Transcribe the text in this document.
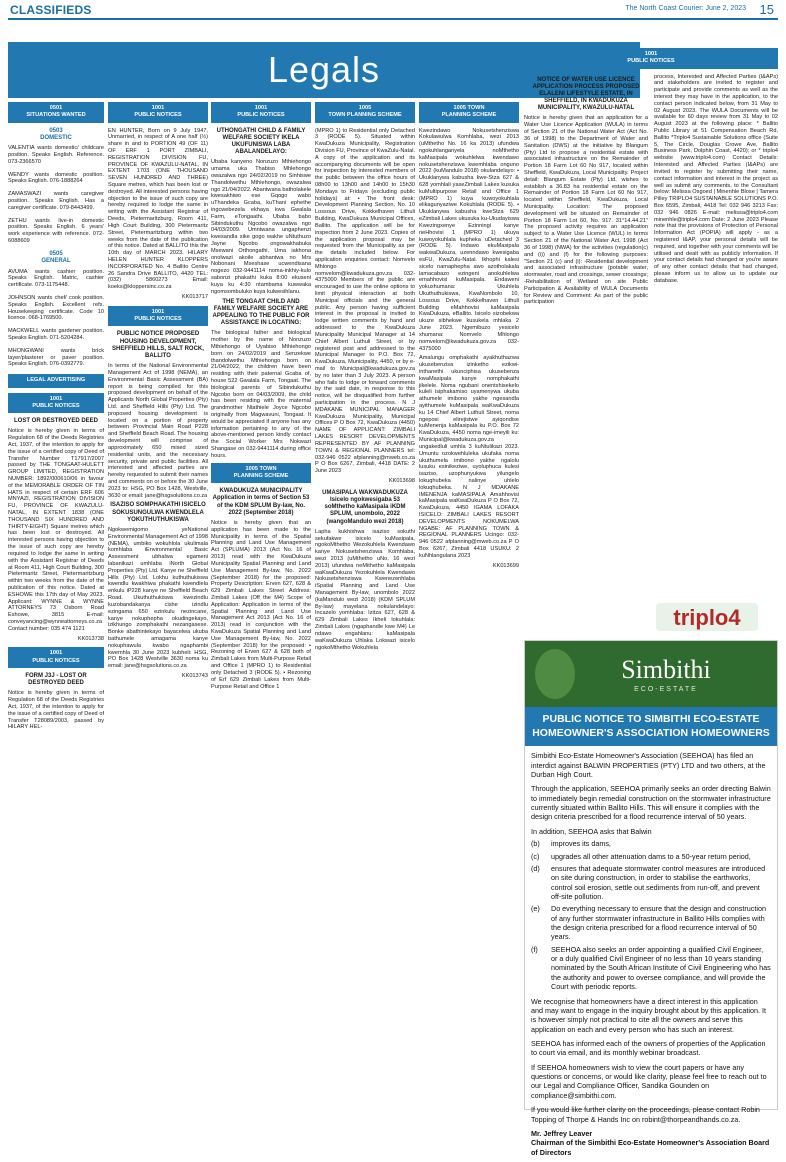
CLASSIFIEDS	The North Coast Courier: June 2, 2023 15
Legals
0501
SITUATIONS WANTED
0503
DOMESTIC
VALENTIA wants domestic/ childcare position. Speaks English. Reference. 073-2366570
WENDY wants domestic position. Speaks English. 076-1888264
ZAMASWAZI wants caregiver position. Speaks English. Has a caregiver certificate. 079-8443499.
ZETHU wants live-in domestic position. Speaks English. 6 years' work experience with reference. 072-6088609
0505
GENERAL
AVUMA wants cashier position. Speaks English. Matric, cashier certificate. 073-1175448.
JOHNSON wants chef/ cook position. Speaks English. Excellent refs. Housekeeping certificate. Code 10 licence. 068-1769500.
MACKWELL wants gardener position. Speaks English. 071-5204284.
MHONGWANI wants brick layer/plasterer or paver position. Speaks English. 076-0392779.
LEGAL ADVERTISING
1001
PUBLIC NOTICES
LOST OR DESTROYED DEED
Notice is hereby given in terms of Regulation 68 of the Deeds Registries Act, 1937, of the intention to apply for the issue of a certified copy of Deed of Transfer Number T17917/2007 passed by THE TONGAAT-HULETT GROUP LIMITED, REGISTRATION NUMBER: 1892/000610/06 in favour of the MEMORABLE ORDER OF TIN HATS in respect of certain ERF 606 MNYAZI, REGISTRATION DIVISION FU, PROVINCE OF KWAZULU-NATAL, IN EXTENT 1838 (ONE THOUSAND SIX HUNDRED AND THIRTY-EIGHT) Square metres which has been lost or destroyed. All interested persons having objection to the issue of such copy are hereby required to lodge the same in writing with the Assistant Registrar of Deeds at Room 411, High Court Building, 300 Pietermaritz Street, Pietermaritzburg within two weeks from the date of the publication of this notice. Dated at ESHOWE this 17th day of May 2023. Applicant: WYNNE & WYNNE ATTORNEYS 73 Osborn Road Eshowe, 3815 E-mail: conveyancing@wynneattorneys.co.za Contact number: 035 474 1121
KK013738
1001
PUBLIC NOTICES
FORM J3J - LOST OR DESTROYED DEED
Notice is hereby given in terms of Regulation 68 of the Deeds Registries Act, 1937, of the intention to apply for the issue of a certified copy of Deed of Transfer T28089/2003, passed by HILARY HEL-
1001
PUBLIC NOTICES
EN HUNTER, Born on 9 July 1947, Unmarried, in respect of A one half (½) share in and to PORTION 49 (OF 11) OF ERF 1 PORT ZIMBALI, REGISTRATION DIVISION FU, PROVINCE OF KWAZULU-NATAL, IN EXTENT 1703 (ONE THOUSAND SEVEN HUNDRED AND THREE) Square metres, which has been lost or destroyed. All interested persons having objection to the issue of such copy are hereby required to lodge the same in writing with the Assistant Registrar of Deeds, Pietermaritzburg, Room 411, High Court Building, 300 Pietermaritz Street, Pietermaritzburg within two weeks from the date of the publication of this notice. Dated at BALLITO this the 10th day of MARCH 2023. HILARY HELEN HUNTER KLOPPERS INCORPORATED No. 4 Ballito Centre 26 Sandra Drive BALLITO, 4420 TEL: (032) 5860273 Email: koeks@kloppersinc.co.za
KK013717
1001
PUBLIC NOTICES
PUBLIC NOTICE PROPOSED HOUSING DEVELOPMENT, SHEFFIELD HILLS, SALT ROCK, BALLITO
In terms of the National Environmental Management Act of 1998 (NEMA), an Environmental Basic Assessment (BA) report is being compiled for this proposed development on behalf of the Applicants North Global Properties (Pty) Ltd. and Sheffield Hills (Pty) Ltd. The proposed housing development is located on a portion of property between Provincial Main Road P228 and Sheffield Beach Road. The housing development will comprise of approximately 650 mixed sized residential units, and the necessary security, private and public facilities. All interested and affected parties are hereby requested to submit their names and comments on or before the 30 June 2023 to: HSG, PO Box 1428, Westville, 3630 or email: jane@hsgsolutions.co.za
ISAZISO SOMPHAKATHI ISICELO SOKUSUNGULWA KWENDLELA YOKUTHUTHUKISWA
Ngokwemigomo yeNational Environmental Management Act of 1998 (NEMA), umbiko wokuhlola ukulimala komhlaba iEnvironmental Basic Assessment ubhalwa egameni labanikazi umhlaba iNorth Global Properties (Pty) Ltd. Kanye ne Sheffield Hills (Pty) Ltd. Lokhu kuthuthukiswa kwendlu kwakhiwa phakathi kwendlela enkulu iP228 kanye ne Sheffield Beach Road. Ukuthuthukiswa kwezindlu kuzobandakanya cishe izindlu ezingama 650 ezinkulu nezincane, kanye nokuphepha okudingekayo, izikhungo zomphakathi nezangasese. Bonke abathintekayo bayacelwa ukuba bathumele amagama kanye nokuphawula kwabo ngaphambi kwemhla 30 June 2023 kubheli: HSG, PO Box 1428 Westville 3630 noma ku email: jane@hsgsolutions.co.za
KK013743
1001
PUBLIC NOTICES
UTHONGATHI CHILD & FAMILY WELFARE SOCIETY IKELA UKUFUNISWA LABA ABALANDELAYO:
Ubaba kanyeno Nonzuzo Mthiehongo umama uka Thabiso Mhlehongo owazalwa ngo 24/02/2019 no Sinhiswe Thandolwethu Mthiehongo, owazalwa ngo 21/04/2022. Abantwana batholakele kwesakhiwo ese Gqogo wabo uThandeka Gcaba, kuThani ephethe ingcwebezela ekhaya kwa Gwalala Farm, eTongaathi. Ubaba babo Sibindukuthu Ngcobo owazalwa ngo 04/03/2009. Umntwana ungaphenzi kwesandla sike gogo wakhe uNtuthuzo Jayne Ngcobo ongowakhabuka Msewani Orthongathi. Uma iakhona onolwazi akoile abhantwa no Mrs Nobonani Mseshase ucwendisana nogezo 032-9441114 noma-inkhiy-kulo sabonzi phakathi kuka 8:00 ekuseni kuya ku 4:30 ntambama kuwwaka ngomsombuluko kuya kulwesihlanu.
THE TONGAAT CHILD AND FAMILY WELFARE SOCIETY ARE APPEALING TO THE PUBLIC FOR ASSISTANCE IN LOCATING:
The biological father and biological mother by the name of Nonzuzo Mthiehongo of Uyabiso Mthiehongo born on 24/02/2019 and Senzekwe thandolwethu Mthiehongo born on 21/04/2022, the children have been residing with their paternal Gcaba of, house 522 Gwalala Farm, Tongaat. The biological parents of Sibindukuthu Ngcobo born on 04/03/2009, the child has been residing with the maternal grandmother Ntathiele Joyce Ngcobo originally from Magwavuni, Tongaat. It would be appreciated if anyone has any information pertaining to any of the above-mentioned person kindly contact the Social Worker Mrs Nokwazi Shangase on 032-9441114 during office hours.
1005 TOWN
PLANNING SCHEME
KWADUKUZA MUNICIPALITY Application in terms of Section 53 of the KDM SPLUM By-law, No. 2022 (September 2018)
Notice is hereby given that an application has been made to the Municipality in terms of the Spatial Planning and Land Use Management Act (SPLUMA) 2013 (Act No. 16 of 2013) read with the KwaDukuza Municipality Spatial Planning and Land Use Management By-law, No. 2022 (September 2018) for the proposed: Property Description: Erven 627, 628 & 629 Zimbali Lakes Street Address: Zimbali Lakes (Off the M4) Scope of Application: Application in terms of the Spatial Planning and Land Use Management Act 2013 (Act No. 16 of 2013) read in conjunction with the KwaDukuza Spatial Planning and Land Use Management By-law, No. 2022 (September 2018) for the proposed: • Rezoning of Erven 627 & 628 both of Zimbali Lakes from Multi-Purpose Retail and Office 1 (MPRO 1) to Residential only Detached 3 (RODE 5). • Rezoning of Erf 629 Zimbali Lakes from Multi-Purpose Retail and Office 1
1005
TOWN PLANNING SCHEME
(MPRO 1) to Residential only Detached 3 (RODE 5). Situated within KwaDukuza Municipality, Registration Division FU, Province of KwaZulu-Natal. A copy of the application and its accompanying documents will be open for inspection by interested members of the public between the office hours of 08h00 to 13h00 and 14h00 to 15h30 Mondays to Fridays (excluding public holidays) at: • The front desk: Development Planning Section, No. 10 Lossous Drive, Kokkelhaven Lithuli Building, KwaDukuza Municipal Offices, Ballito. The application will be for inspection from 2 June 2023. Copies of the application proposal may be requested from the Municipality as per the details included below. For application enquiries contact: Nomvelo Mhlongo nomvelom@kwadukuza.gov.za 032-4375000 Members of the public are encouraged to use the online options to limit physical interaction at both Municipal officials and the general public. Any person having sufficient interest in the proposal is invited to lodge written comments by hand and addressed to the KwaDukuza Municipality Municipal Manager at 14 Chief Albert Luthuli Street, or by registered post and addressed to the Municipal Manager to P.O. Box 72, KwaDukuza, Municipality, 4450, or by e-mail to Municipal@kwadukuza.gov.za by no later than 3 July 2023. A person who fails to lodge or forward comments by the said date, in response to this notice, will be disqualified from further participation in the process. N J MDAKANE MUNICIPAL MANAGER KwaDukuza Municipality, Municipal Offices P O Box 72, KwaDukuza (4450) NAME OF APPLICANT: ZIMBALI LAKES RESORT DEVELOPMENTS REPRESENTED BY AF PLANNING TOWN & REGIONAL PLANNERS tel: 032-946 0522 afplanning@mweb.co.za P O Box 6267, Zimbali, 4418 DATE: 2 June 2023
KK013698
UMASIPALA WAKWADUKUZA Isicelo ngokwesigaba 53 soMthetho kaMasipala iKDM SPLUM, unombolo, 2022 (wangoMandulo wezi 2018)
Lapha kukhishwa isaziso sokuthi sekufakwe isicelo kuMasipala, ngokoMthetho Wezokuhlela Kwendawo kanye Nokusetshenziswa Komhlaba, wezi 2013 (uMthetho uNo. 16 wezi 2013) ufundwa neMithetho kaMasipala waKwaDukuza Yezokuhlela Kwendawo Nokusetshenziswa Kwenezenhlaba iSpatial Planning and Land Use Management By-law, unombolo 2022 (kaMandulo wezi 2018) (KDM SPLUM By-law) mayelana nokulandelayo: Incazelo yomhlaba: Izitza 627, 628 & 629 Zimbali Lakes Ikheli lokuhlala: Zimbali Lakes (ngaphandle kwe M4) Le ndawo engahlanu: kaMasipala waKwaDukuza Uhlaka Lokwazi isicelo ngokoMthetho Wokuhlela
1005 TOWN
PLANNING SCHEME
Kwezindawo Nokusetshenziswa Kokulawulwa Komhlaba, wezi 2013 (uMthetho No. 16 ka 2013) ufundwa ngokuhlanganyela noMthetho kaMasipala wokuhlelwa kwendawo nokusetshenziswa kwemhlaba onguno 2022 (kuMandulo 2018) okulandelayo: • Ukuklanywa kabusha kwe-Stza 627 & 628 yomhlali yaseZimbali Lakes kusuka kuMultipurpose Retail and Office 1 (MPRO 1) kuya kuwoyokuhlala elikagunyaziwe Kokuhlala (RODE 5). • Ukuklanywa kabusha kweStza 629 eZimbali Lakes ukusuka ku-Ukudayiswa Kwezingxenye Ezinningi kanye neHhovisi 1 (MPRO 1) ukuya kuwoyokuhlala kupheka uDetached 3 (RODE 5). Indawo ekuMasipala wakwaDukuza, uzenndawo kwesigaba esFU, KwaZulu-Natal. Ikhophi kalesi sicelo namaphepha awo azotholakala lamacabazo ezingeni anokuhlelwa emahhovisi kuMasipala. Endaweni yokuxhumana: Ukuhlela Ukuthuthukiswa, KwaNombolo 10, Lossous Drive, Kokkelhaven Lithuli Building eMahhovisi kaMasipala KwaDukuza, eBallito. Isicelo sizobekwa ukuze sibhekwe kusukela mhlaka 2 June 2023. Ngemibuzo yesicelo xhumana: Nomvelo Mhlongo nomvelom@kwadukuza.gov.za 032-4375000
Amalungu omphakathi ayakhuthazwa ukusebenzisa izinketho ezikwi-inthanethi ukunciphisa ukusebenza kwaMasipala kanye nomphakathi jikelele. Noma ngubani onentshisekelo kuleli isiphakamiso uyamenywa ukuba athumele imibono yakhe ngesandla ayithumele kuMasipala waKwaDukuza ku 14 Chief Albert Luthuli Street, noma ngeposi elirejistwe ayiqondise kuMenenja kaMasipala ku P.O. Box 72 KwaDukuza, 4450 noma nge-imeyili ku: Municipal@kwadukuza.gov.za ungakedluli umhla 3 kuNtulikazi 2023. Umuntu ozokwehluleka ukufaka noma ukuthumela imibono yakhe ngalolu lusuku esinikeziwe, uyoluphuca kulesi isaziso, uzophunyukwa yilungelo lokuqhubeka nalinye uhlelo lokuqhubeka. N J MDAKANE IMENENJA kaMASIPALA Amahhovisi kaMasipala waKwaDukuza P O Box 72, KwaDukuza, 4450 IGAMA LOFAKA ISICELO: ZIMBALI LAKES RESORT DEVELOPMENTS NOKUMELWA NGABE: AF PLANNING TOWN & REGIONAL PLANNERS Ucingo: 032-946 0522 afplanning@mweb.co.za P O Box 6267, Zimbali 4418 USUKU: 2 kuNhlangulana 2023
KK013699
1001
PUBLIC NOTICES
NOTICE OF WATER USE LICENCE APPLICATION PROCESS PROPOSED ELALENI LIFESTYLE ESTATE, IN SHEFFIELD, IN KWADUKUZA MUNICIPALITY, KWAZULU-NATAL
Notice is hereby given that an application for a Water Use Licence Application (WULA) in terms of Section 21 of the National Water Act (Act No. 36 of 1998) to the Department of Water and Sanitation (DWS) at the initiative by Blangum (Pty) Ltd to propose a residential estate with associated infrastructure on the Remainder of Portion 18 Farm Lot 60 No 917, located within Sheffield, KwaDukuza, Local Municipality. Project detail: Blangum Estate (Pty) Ltd. wishes to establish a 36.83 ha residential estate on the Remainder of Portion 18 Farm Lot 60 No 917, located within Sheffield, KwaDukuza, Local Municipality. Location: The proposed development will be situated on Remainder of Portion 18 Farm Lot 60, No. 917. 31°14.44.21" The proposed activity requires an application subject to a Water Use Licence (WUL) in terms Section 21 of the National Water Act, 1998 (Act 36 of 1998) (NWA) for the activities (regulation(c) and (i)) and (f) for the following purposes: "Section 21 (c) and (i): -Residential development and associated infrastructure (potable water, stormwater, road and crossings, sewer crossings; -Rehabilitation of Wetland on site Public Participation & Availability of WULA Documents for Review and Comment: As part of the public participation
process, Interested and Affected Parties (I&APs) and stakeholders are invited to register and participate and provide comments as well as the interest they may have in the application, to the contact person indicated below, from 31 May to 02 August 2023. The WULA Documents will be available for 60 days review from 31 May to 02 August 2023 at the following place: * Ballito Public Library at 51 Compensation Beach Rd, Ballito *Triplo4 Sustainable Solutions office (Suite 5, The Circle, Douglas Crowe Ave, Ballito Business Park, Dolphin Coast, 4420); or * triplo4 website (www.triplo4.com) Contact Details: Interested and Affected Parties (I&APs) are invited to register by submitting their name, contact information and interest in the project as well as submit any comments, to the Consultant below: Melissa Osgoed | Minenhle Blose | Tamera Pilley TRIPLO4 SUSTAINABLE SOLUTIONS P.O. Box 6595, Zimbali, 4418 Tel: 032 946 3213 Fax: 032 946 0826 E-mail: melissa@triplo4.com minenhle@triplo4.com Date: 2 June 2023 Please note that the provisions of Protection of Personal Information Act (POPIA) will apply - as a registered I&AP, your personal details will be required, and together with your comments will be utilised and dealt with as publicly information. If your contact details had changed or you're aware of any other contact details that had changed, please inform us to allow us to update our database.
triplo4
Simbithi
ECO-ESTATE
PUBLIC NOTICE TO SIMBITHI ECO-ESTATE
HOMEOWNER'S ASSOCIATION HOMEOWNERS

Simbithi Eco-Estate Homeowner's Association (SEEHOA) has filed an interdict against BALWIN PROPERTIES (PTY) LTD and two others, at the Durban High Court.

Through the application, SEEHOA primarily seeks an order directing Balwin to immediately begin remedial construction on the stormwater infrastructure currently situated within Ballito Hills. This will ensure it complies with the design criteria prescribed for a flood recurrence interval of 50 years.

In addition, SEEHOA asks that Balwin

(b)	improves its dams,
(c)	upgrades all other attenuation dams to a 50-year return period,
(d)	ensures that adequate stormwater control measures are introduced on site during construction, in order to stabilise the earthworks, control soil erosion, settle out sediments from run-off, and prevent off-site pollution.
(e)	Do everything necessary to ensure that the design and construction of any further stormwater infrastructure in Ballito Hills complies with the design criteria prescribed for a flood recurrence interval of 50 years.
(f)	SEEHOA also seeks an order appointing a qualified Civil Engineer, or a duly qualified Civil Engineer of no less than 10 years standing nominated by the South African Institute of Civil Engineering who has the authority and power to oversee compliance, and will provide the Court with periodic reports.

We recognise that homeowners have a direct interest in this application and may want to engage in the inquiry brought about by this application. It is however simply not practical to cite all the owners and serve this application on each and every person who has such an interest.

SEEHOA has informed each of the owners of properties of the Application to court via email, and its monthly webinar broadcast.

If SEEHOA homeowners wish to view the court papers or have any questions or concerns, or would like clarity, please feel free to reach out to our Legal and Compliance Officer, Sandika Gounden on compliance@simbithi.com.

If you would like further clarity on the proceedings, please contact Robin Topping of Thorpe & Hands Inc on robint@thorpeandhands.co.za.

Mr. Jeffrey Leaver
Chairman of the Simbithi Eco-Estate Homeowner's Association Board of Directors
